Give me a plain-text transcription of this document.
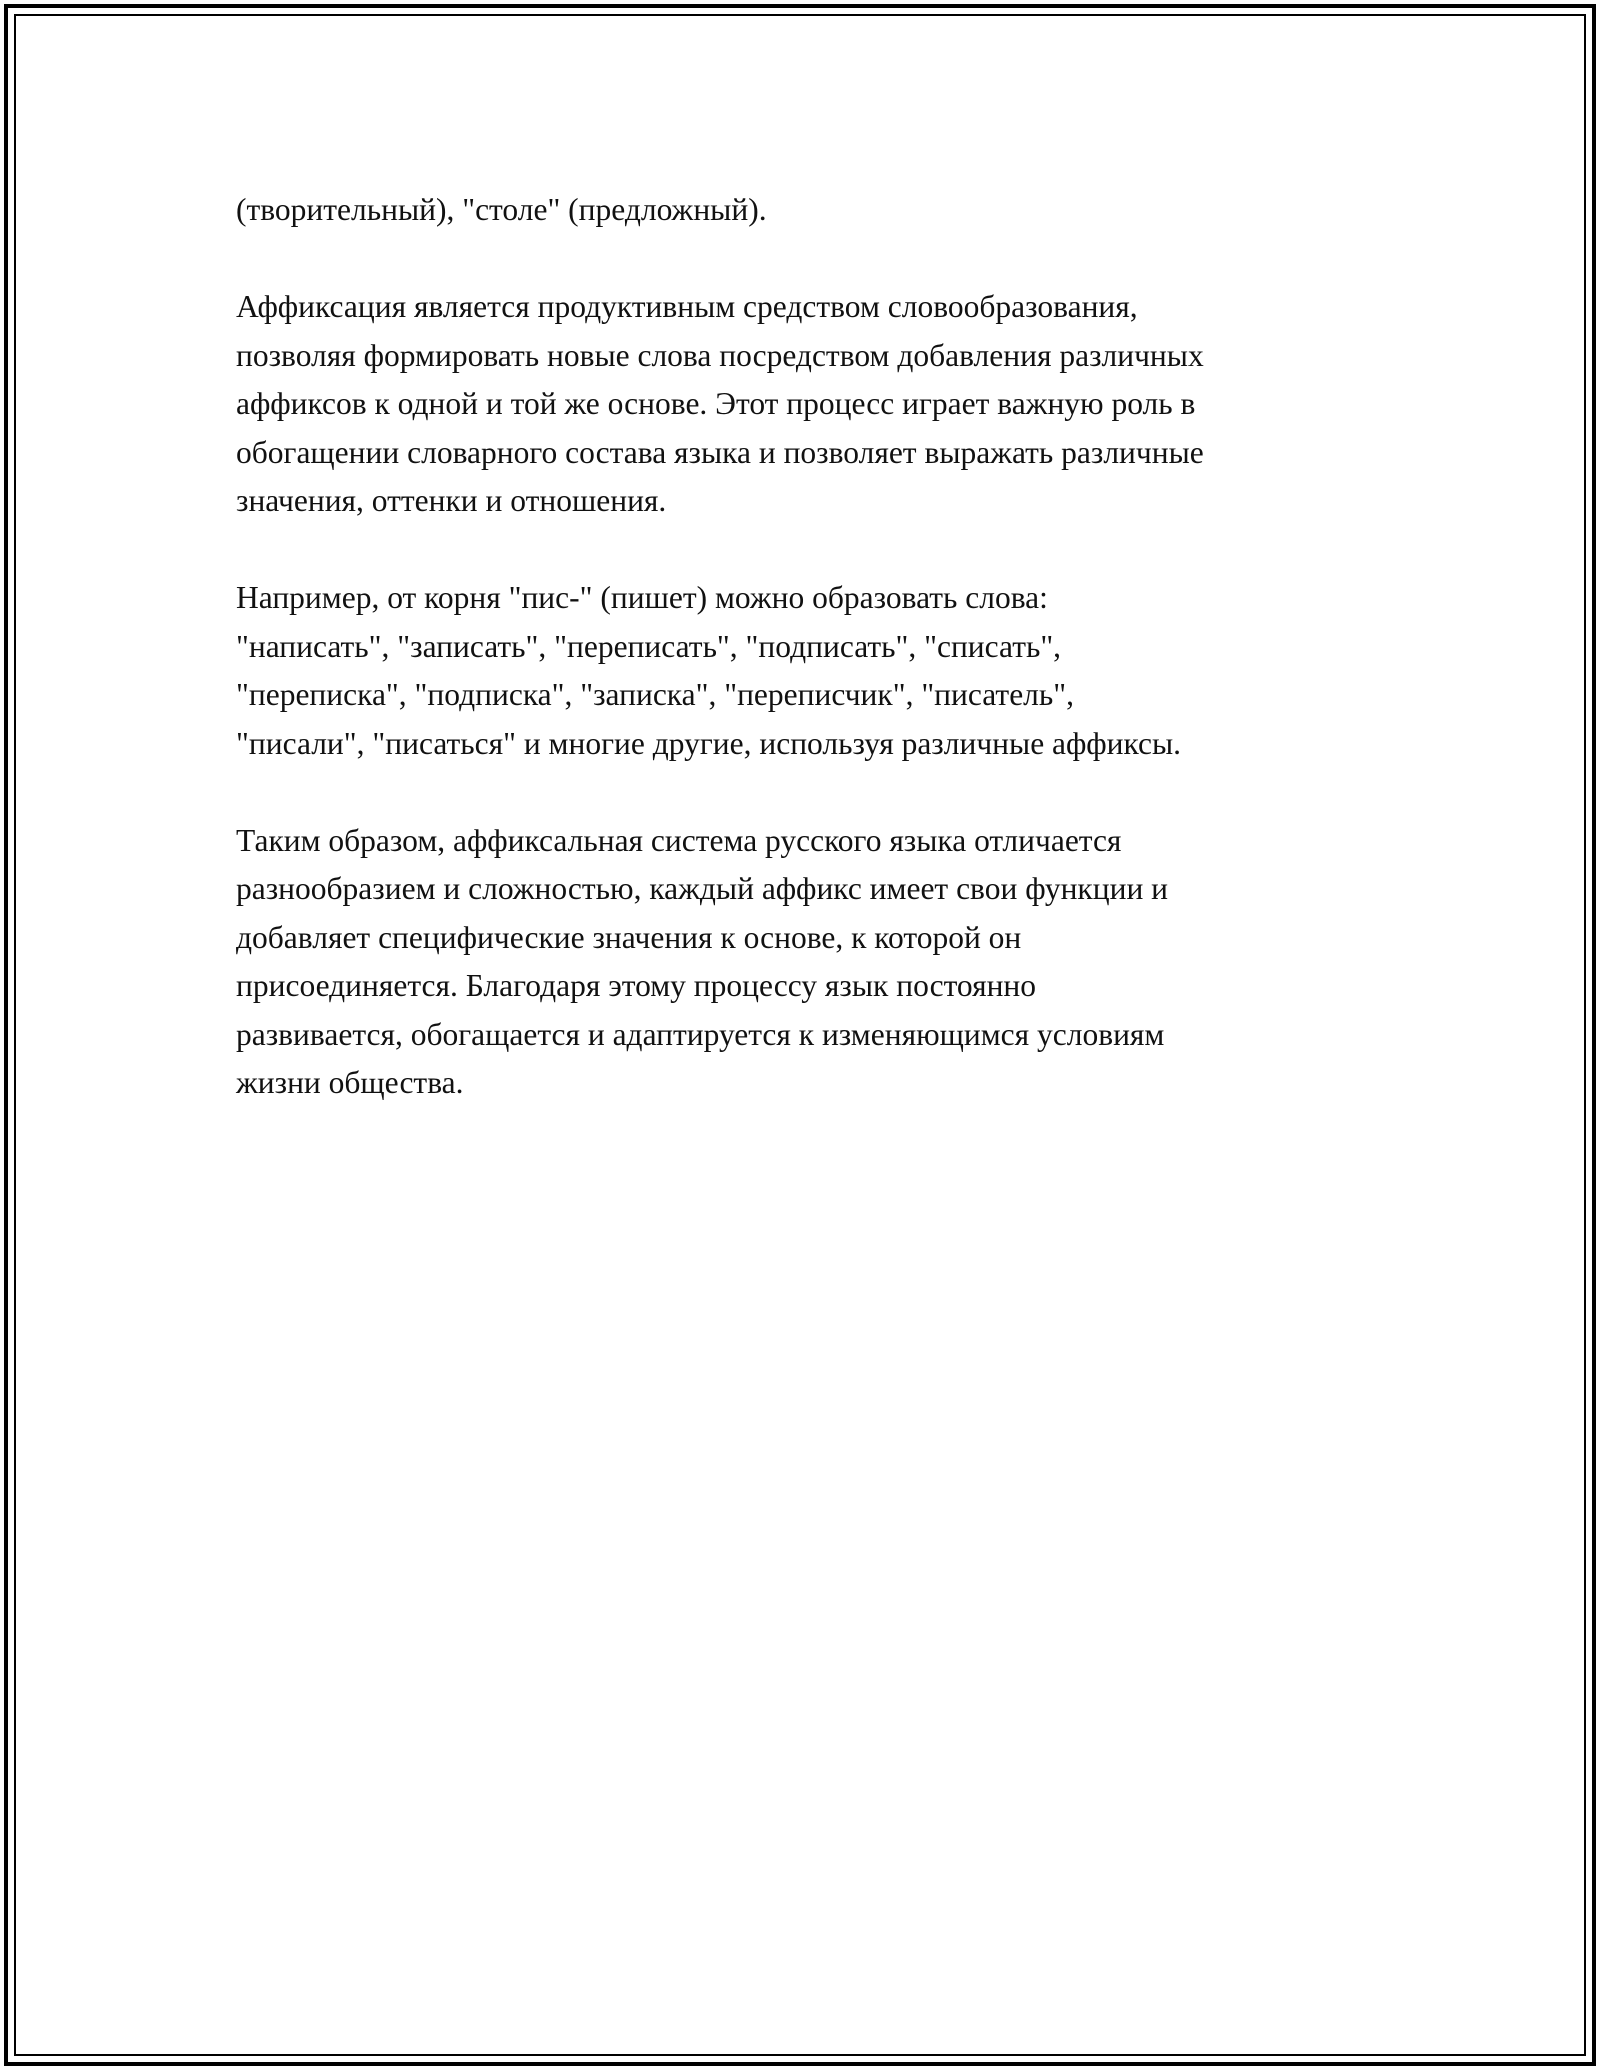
(творительный), "столе" (предложный).

Аффиксация является продуктивным средством словообразования,
позволяя формировать новые слова посредством добавления различных
аффиксов к одной и той же основе. Этот процесс играет важную роль в
обогащении словарного состава языка и позволяет выражать различные
значения, оттенки и отношения.

Например, от корня "пис-" (пишет) можно образовать слова:
"написать", "записать", "переписать", "подписать", "списать",
"переписка", "подписка", "записка", "переписчик", "писатель",
"писали", "писаться" и многие другие, используя различные аффиксы.

Таким образом, аффиксальная система русского языка отличается
разнообразием и сложностью, каждый аффикс имеет свои функции и
добавляет специфические значения к основе, к которой он
присоединяется. Благодаря этому процессу язык постоянно
развивается, обогащается и адаптируется к изменяющимся условиям
жизни общества.
